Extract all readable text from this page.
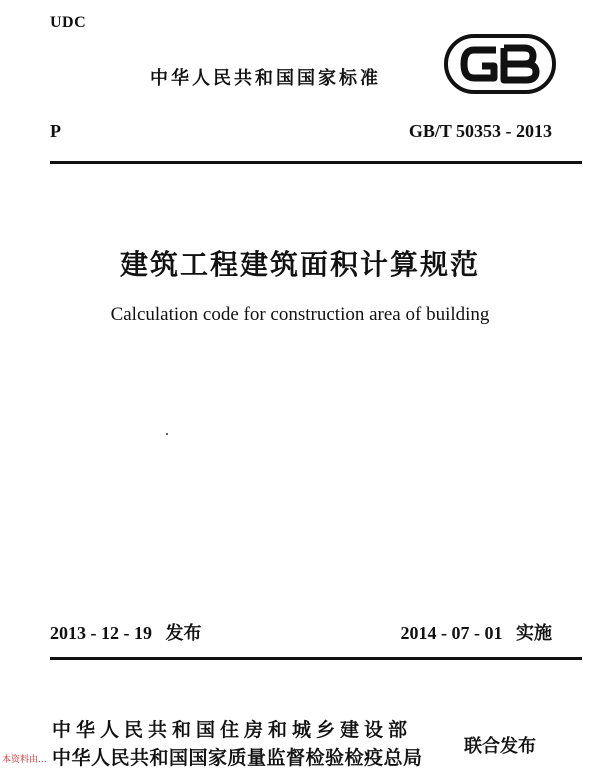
UDC
中华人民共和国国家标准
P	GB/T 50353 - 2013
建筑工程建筑面积计算规范
Calculation code for construction area of building
2013 - 12 - 19 发布	2014 - 07 - 01 实施
中华人民共和国住房和城乡建设部
中华人民共和国国家质量监督检验检疫总局
联合发布
本资料由...
